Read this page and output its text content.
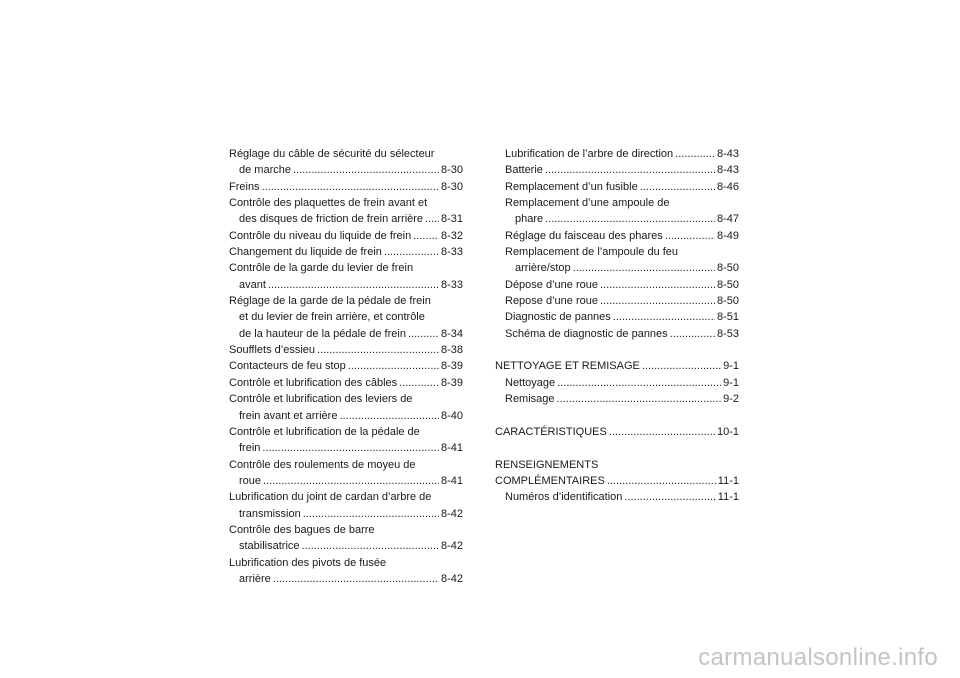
Réglage du câble de sécurité du sélecteur
de marche .....	8-30
Freins .....	8-30
Contrôle des plaquettes de frein avant et
des disques de friction de frein arrière ..... 8-31
Contrôle du niveau du liquide de frein .....	8-32
Changement du liquide de frein .....	8-33
Contrôle de la garde du levier de frein
avant .....	8-33
Réglage de la garde de la pédale de frein
et du levier de frein arrière, et contrôle
de la hauteur de la pédale de frein .....	8-34
Soufflets d’essieu .....	8-38
Contacteurs de feu stop .....	8-39
Contrôle et lubrification des câbles .....	8-39
Contrôle et lubrification des leviers de
frein avant et arrière .....	8-40
Contrôle et lubrification de la pédale de
frein .....	8-41
Contrôle des roulements de moyeu de
roue .....	8-41
Lubrification du joint de cardan d’arbre de
transmission .....	8-42
Contrôle des bagues de barre
stabilisatrice .....	8-42
Lubrification des pivots de fusée
arrière .....	8-42
Lubrification de l’arbre de direction .....	8-43
Batterie .....	8-43
Remplacement d’un fusible .....	8-46
Remplacement d’une ampoule de
phare .....	8-47
Réglage du faisceau des phares .....	8-49
Remplacement de l’ampoule du feu
arrière/stop .....	8-50
Dépose d’une roue .....	8-50
Repose d’une roue .....	8-50
Diagnostic de pannes .....	8-51
Schéma de diagnostic de pannes .....	8-53
NETTOYAGE ET REMISAGE .....	9-1
Nettoyage .....	9-1
Remisage .....	9-2
CARACTÉRISTIQUES .....	10-1
RENSEIGNEMENTS
COMPLÉMENTAIRES .....	11-1
Numéros d’identification .....	11-1
carmanualsonline.info
